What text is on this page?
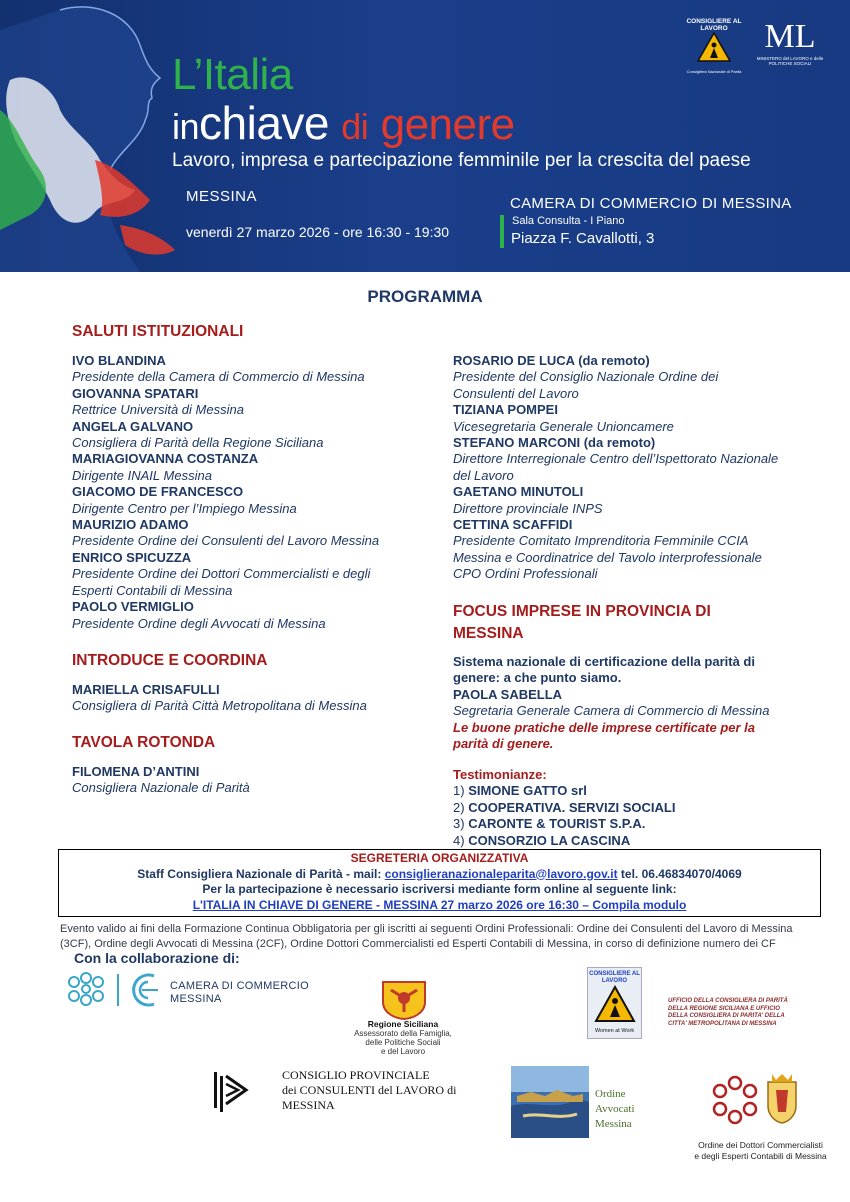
L’Italia
inchiave di genere
Lavoro, impresa e partecipazione femminile per la crescita del paese
MESSINA
venerdì 27 marzo 2026 - ore 16:30 - 19:30
CAMERA DI COMMERCIO DI MESSINA
Sala Consulta - I Piano
Piazza F. Cavallotti, 3
CONSIGLIERE AL LAVORO
Consigliera Nazionale di Parità
ML
MINISTERO del LAVORO e delle POLITICHE SOCIALI
PROGRAMMA
SALUTI ISTITUZIONALI
IVO BLANDINA
Presidente della Camera di Commercio di Messina
GIOVANNA SPATARI
Rettrice Università di Messina
ANGELA GALVANO
Consigliera di Parità della Regione Siciliana
MARIAGIOVANNA COSTANZA
Dirigente INAIL Messina
GIACOMO DE FRANCESCO
Dirigente Centro per l’Impiego Messina
MAURIZIO ADAMO
Presidente Ordine dei Consulenti del Lavoro Messina
ENRICO SPICUZZA
Presidente Ordine dei Dottori Commercialisti e degli
Esperti Contabili di Messina
PAOLO VERMIGLIO
Presidente Ordine degli Avvocati di Messina
ROSARIO DE LUCA (da remoto)
Presidente del Consiglio Nazionale Ordine dei
Consulenti del Lavoro
TIZIANA POMPEI
Vicesegretaria Generale Unioncamere
STEFANO MARCONI (da remoto)
Direttore Interregionale Centro dell’Ispettorato Nazionale
del Lavoro
GAETANO MINUTOLI
Direttore provinciale INPS
CETTINA SCAFFIDI
Presidente Comitato Imprenditoria Femminile CCIA
Messina e Coordinatrice del Tavolo interprofessionale
CPO Ordini Professionali
INTRODUCE E COORDINA
MARIELLA CRISAFULLI
Consigliera di Parità Città Metropolitana di Messina
TAVOLA ROTONDA
FILOMENA D’ANTINI
Consigliera Nazionale di Parità
FOCUS IMPRESE IN PROVINCIA DI
MESSINA
Sistema nazionale di certificazione della parità di
genere: a che punto siamo.
PAOLA SABELLA
Segretaria Generale Camera di Commercio di Messina
Le buone pratiche delle imprese certificate per la
parità di genere.
Testimonianze:
1) SIMONE GATTO srl
2) COOPERATIVA. SERVIZI SOCIALI
3) CARONTE & TOURIST S.P.A.
4) CONSORZIO LA CASCINA
SEGRETERIA ORGANIZZATIVA
Staff Consigliera Nazionale di Parità - mail: consiglieranazionaleparita@lavoro.gov.it tel. 06.46834070/4069
Per la partecipazione è necessario iscriversi mediante form online al seguente link:
L'ITALIA IN CHIAVE DI GENERE - MESSINA 27 marzo 2026 ore 16:30 – Compila modulo
Evento valido ai fini della Formazione Continua Obbligatoria per gli iscritti ai seguenti Ordini Professionali: Ordine dei Consulenti del Lavoro di Messina (3CF), Ordine degli Avvocati di Messina (2CF), Ordine Dottori Commercialisti ed Esperti Contabili di Messina, in corso di definizione numero dei CF
Con la collaborazione di:
CAMERA DI COMMERCIO
MESSINA
Regione Siciliana
Assessorato della Famiglia,
delle Politiche Sociali
e del Lavoro
CONSIGLIERE AL LAVORO
Women at Work
UFFICIO DELLA CONSIGLIERA DI PARITÀ
DELLA REGIONE SICILIANA E UFFICIO
DELLA CONSIGLIERA DI PARITA' DELLA
CITTA' METROPOLITANA DI MESSINA
CONSIGLIO PROVINCIALE
dei CONSULENTI del LAVORO di
MESSINA
Ordine
Avvocati
Messina
Ordine dei Dottori Commercialisti
e degli Esperti Contabili di Messina
